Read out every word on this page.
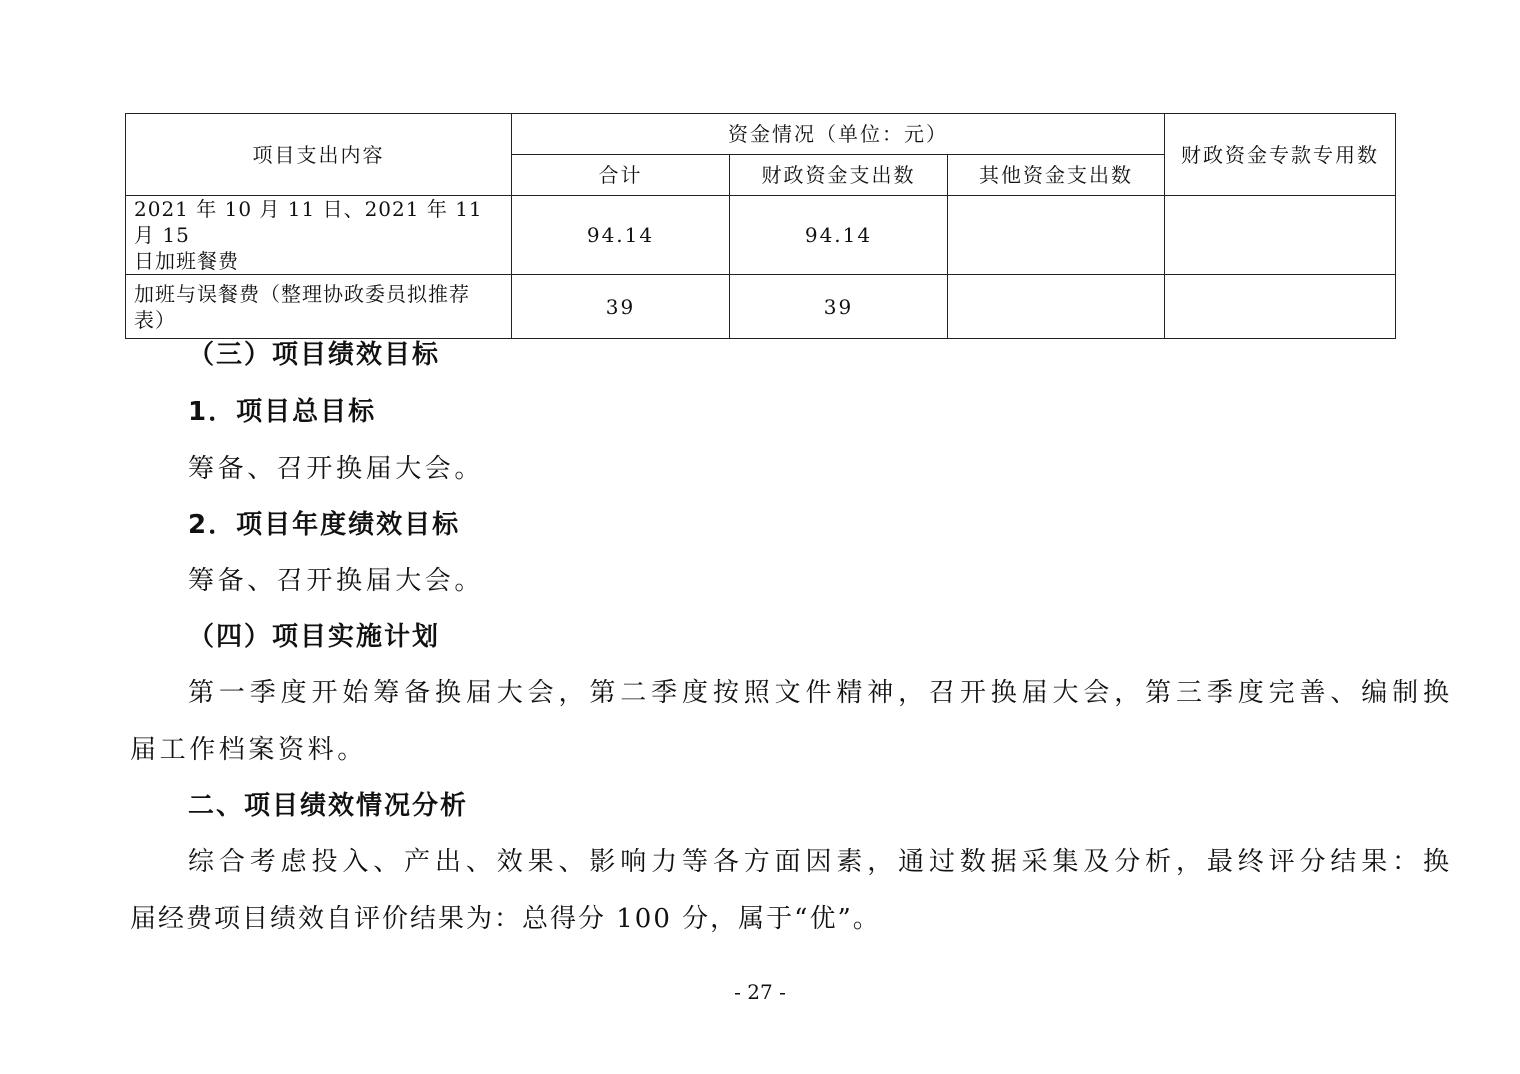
项目支出内容	资金情况（单位：元）			财政资金专款专用数
	合计	财政资金支出数	其他资金支出数	

2021 年 10 月 11 日、2021 年 11 月 15
日加班餐费	94.14	94.14		

加班与误餐费（整理协政委员拟推荐
表）	39	39		
（三）项目绩效目标
1．项目总目标
筹备、召开换届大会。
2．项目年度绩效目标
筹备、召开换届大会。
（四）项目实施计划
第一季度开始筹备换届大会，第二季度按照文件精神，召开换届大会，第三季度完善、编制换
届工作档案资料。
二、项目绩效情况分析
综合考虑投入、产出、效果、影响力等各方面因素，通过数据采集及分析，最终评分结果：换
届经费项目绩效自评价结果为：总得分 100 分，属于“优”。
- 27 -
